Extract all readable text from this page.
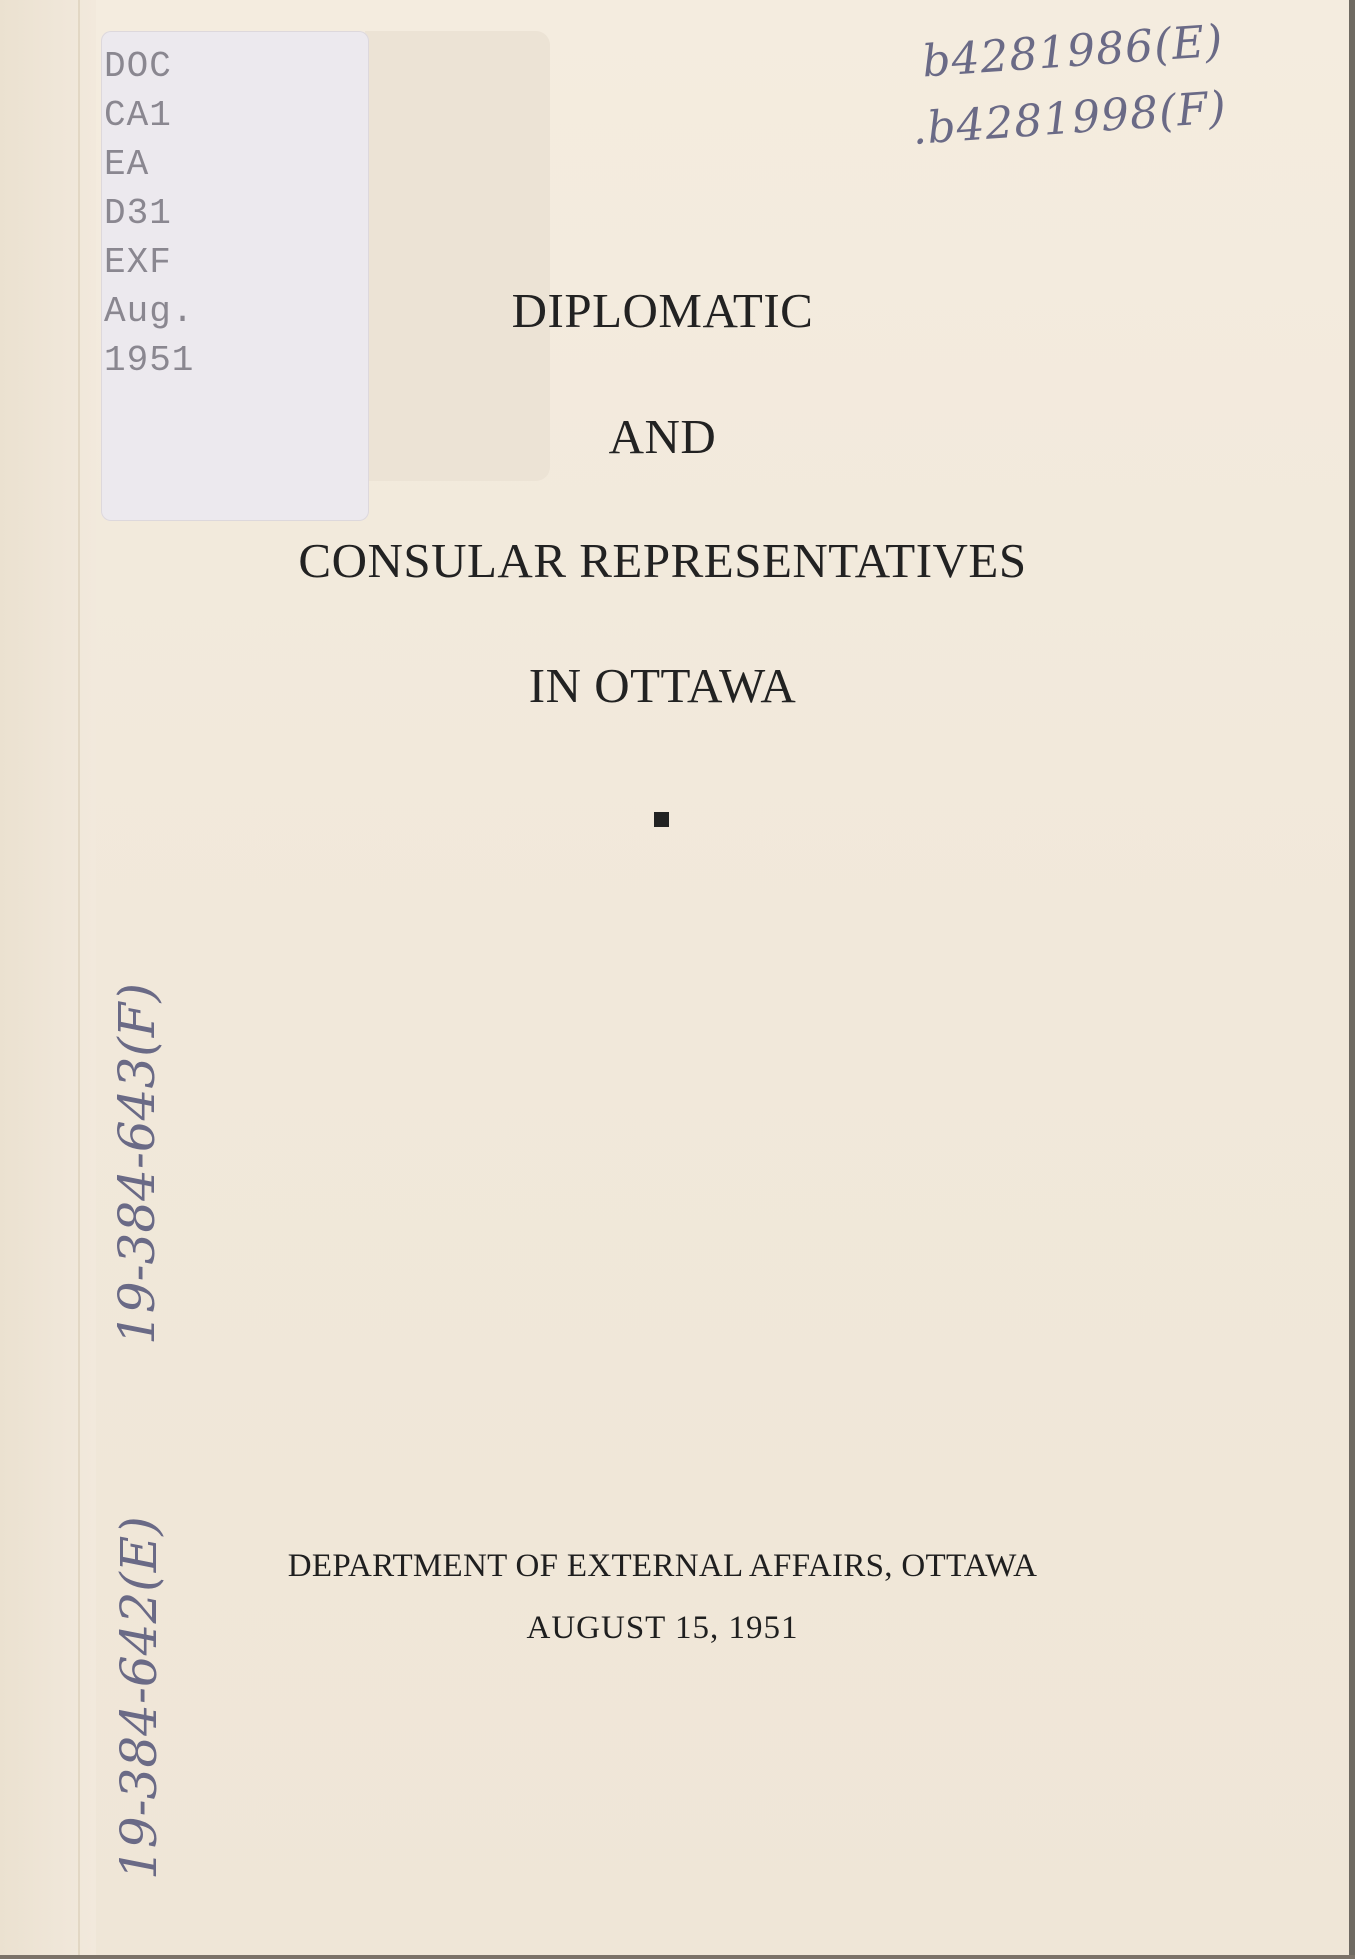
DOC
CA1
EA
D31
EXF
Aug.
1951
b4281986(E)
.b4281998(F)
19-384-643(F)
19-384-642(E)
DIPLOMATIC
AND
CONSULAR REPRESENTATIVES
IN OTTAWA
DEPARTMENT OF EXTERNAL AFFAIRS, OTTAWA
AUGUST 15, 1951
